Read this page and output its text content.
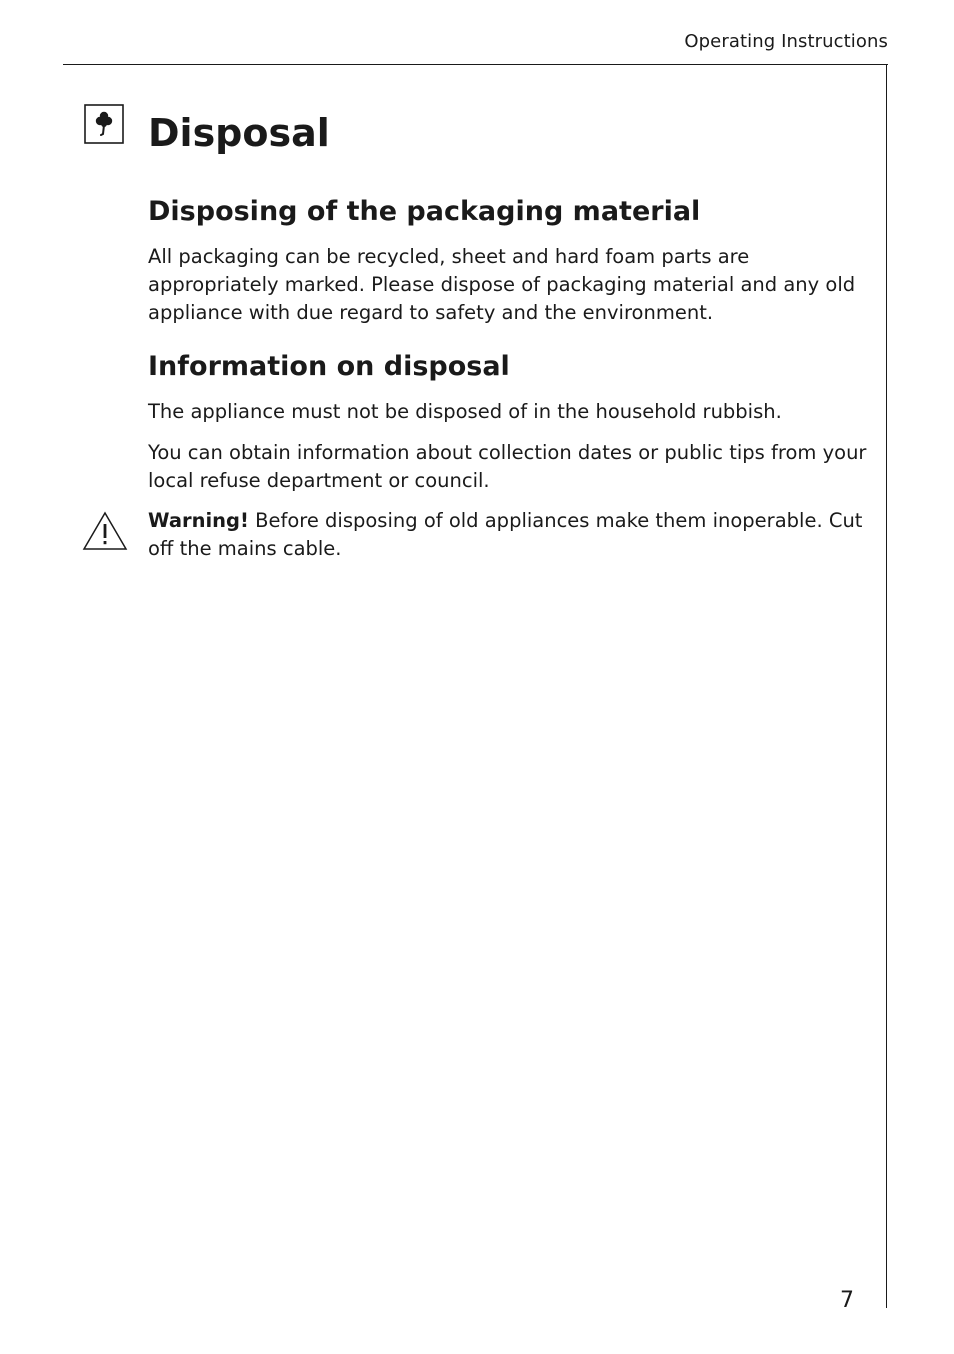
Operating Instructions
Disposal
Disposing of the packaging material

All packaging can be recycled, sheet and hard foam parts are appropriately marked. Please dispose of packaging material and any old appliance with due regard to safety and the environment.

Information on disposal

The appliance must not be disposed of in the household rubbish.

You can obtain information about collection dates or public tips from your local refuse department or council.

Warning! Before disposing of old appliances make them inoperable. Cut off the mains cable.

7
